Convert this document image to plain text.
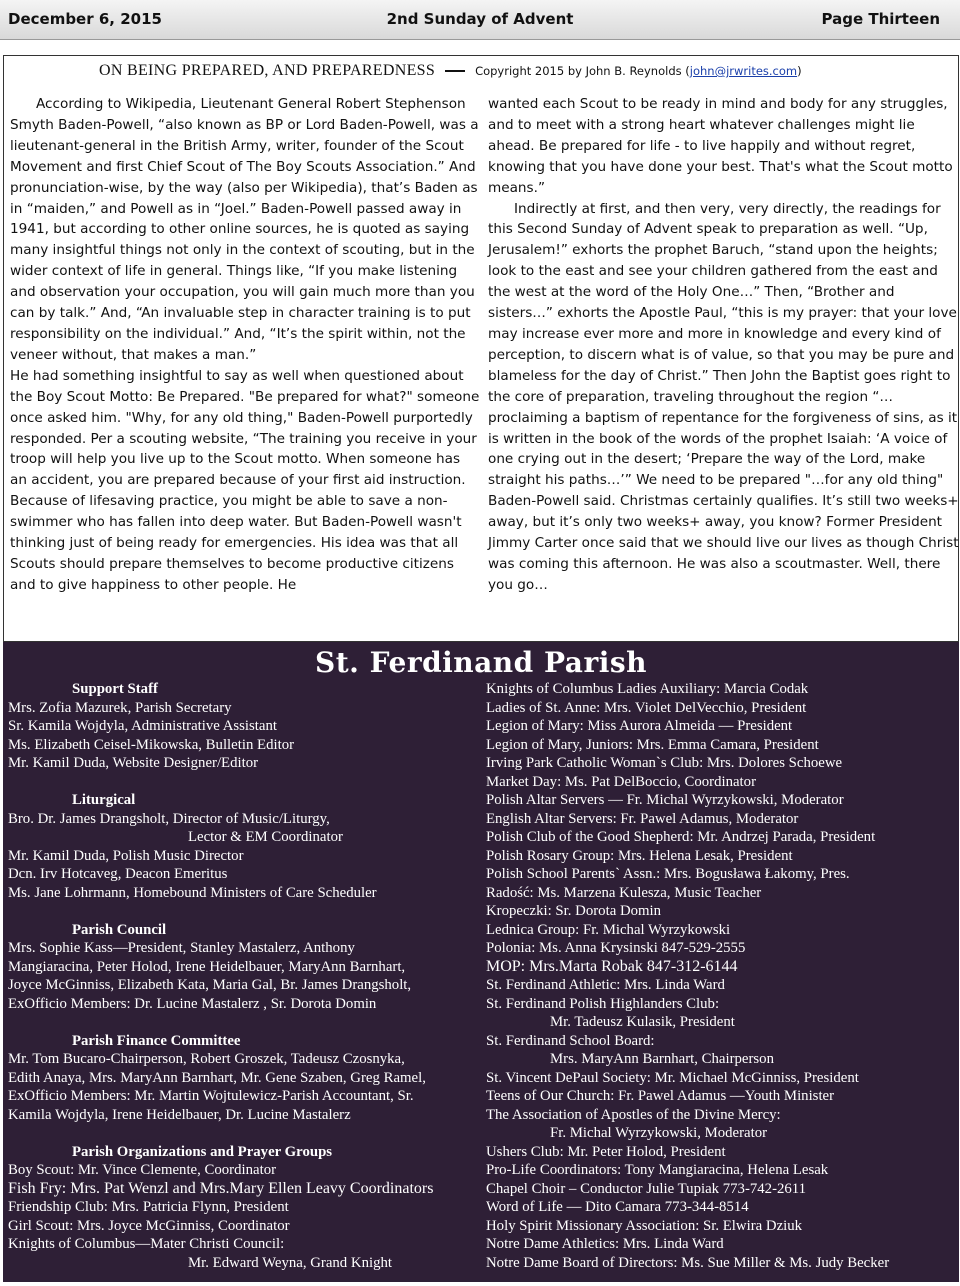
2nd Sunday of Advent
December 6, 2015	Page Thirteen
ON BEING PREPARED, AND PREPAREDNESS	Copyright 2015 by John B. Reynolds (john@jrwrites.com)

According to Wikipedia, Lieutenant General Robert Stephenson Smyth Baden-Powell, “also known as BP or Lord Baden-Powell, was a lieutenant-general in the British Army, writer, founder of the Scout Movement and first Chief Scout of The Boy Scouts Association.” And pronunciation-wise, by the way (also per Wikipedia), that’s Baden as in “maiden,” and Powell as in “Joel.” Baden-Powell passed away in 1941, but according to other online sources, he is quoted as saying many insightful things not only in the context of scouting, but in the wider context of life in general. Things like, “If you make listening and observation your occupation, you will gain much more than you can by talk.” And, “An invaluable step in character training is to put responsibility on the individual.” And, “It’s the spirit within, not the veneer without, that makes a man.”

He had something insightful to say as well when questioned about the Boy Scout Motto: Be Prepared. "Be prepared for what?" someone once asked him. "Why, for any old thing," Baden-Powell purportedly responded. Per a scouting website, “The training you receive in your troop will help you live up to the Scout motto. When someone has an accident, you are prepared because of your first aid instruction. Because of lifesaving practice, you might be able to save a non-swimmer who has fallen into deep water. But Baden-Powell wasn't thinking just of being ready for emergencies. His idea was that all Scouts should prepare themselves to become productive citizens and to give happiness to other people. He

wanted each Scout to be ready in mind and body for any struggles, and to meet with a strong heart whatever challenges might lie ahead. Be prepared for life - to live happily and without regret, knowing that you have done your best. That's what the Scout motto means.”

Indirectly at first, and then very, very directly, the readings for this Second Sunday of Advent speak to preparation as well. “Up, Jerusalem!” exhorts the prophet Baruch, “stand upon the heights; look to the east and see your children gathered from the east and the west at the word of the Holy One…” Then, “Brother and sisters…” exhorts the Apostle Paul, “this is my prayer: that your love may increase ever more and more in knowledge and every kind of perception, to discern what is of value, so that you may be pure and blameless for the day of Christ.” Then John the Baptist goes right to the core of preparation, traveling throughout the region “…proclaiming a baptism of repentance for the forgiveness of sins, as it is written in the book of the words of the prophet Isaiah: ‘A voice of one crying out in the desert; ‘Prepare the way of the Lord, make straight his paths…’” We need to be prepared "…for any old thing" Baden-Powell said. Christmas certainly qualifies. It’s still two weeks+ away, but it’s only two weeks+ away, you know? Former President Jimmy Carter once said that we should live our lives as though Christ was coming this afternoon. He was also a scoutmaster. Well, there you go…

St. Ferdinand Parish
Support Staff
Mrs. Zofia Mazurek, Parish Secretary
Sr. Kamila Wojdyla, Administrative Assistant
Ms. Elizabeth Ceisel-Mikowska, Bulletin Editor
Mr. Kamil Duda, Website Designer/Editor
Liturgical
Bro. Dr. James Drangsholt, Director of Music/Liturgy,
Lector & EM Coordinator
Mr. Kamil Duda, Polish Music Director
Dcn. Irv Hotcaveg, Deacon Emeritus
Ms. Jane Lohrmann, Homebound Ministers of Care Scheduler
Parish Council
Mrs. Sophie Kass—President, Stanley Mastalerz, Anthony
Mangiaracina, Peter Holod, Irene Heidelbauer, MaryAnn Barnhart,
Joyce McGinniss, Elizabeth Kata, Maria Gal, Br. James Drangsholt,
ExOfficio Members: Dr. Lucine Mastalerz , Sr. Dorota Domin
Parish Finance Committee
Mr. Tom Bucaro-Chairperson, Robert Groszek, Tadeusz Czosnyka,
Edith Anaya, Mrs. MaryAnn Barnhart, Mr. Gene Szaben, Greg Ramel,
ExOfficio Members: Mr. Martin Wojtulewicz-Parish Accountant, Sr.
Kamila Wojdyla, Irene Heidelbauer, Dr. Lucine Mastalerz
Parish Organizations and Prayer Groups
Boy Scout: Mr. Vince Clemente, Coordinator
Fish Fry: Mrs. Pat Wenzl and Mrs.Mary Ellen Leavy Coordinators
Friendship Club: Mrs. Patricia Flynn, President
Girl Scout: Mrs. Joyce McGinniss, Coordinator
Knights of Columbus—Mater Christi Council:
Mr. Edward Weyna, Grand Knight
Knights of Columbus Ladies Auxiliary: Marcia Codak
Ladies of St. Anne: Mrs. Violet DelVecchio, President
Legion of Mary: Miss Aurora Almeida — President
Legion of Mary, Juniors: Mrs. Emma Camara, President
Irving Park Catholic Woman`s Club: Mrs. Dolores Schoewe
Market Day: Ms. Pat DelBoccio, Coordinator
Polish Altar Servers — Fr. Michal Wyrzykowski, Moderator
English Altar Servers: Fr. Pawel Adamus, Moderator
Polish Club of the Good Shepherd: Mr. Andrzej Parada, President
Polish Rosary Group: Mrs. Helena Lesak, President
Polish School Parents` Assn.: Mrs. Bogusława Łakomy, Pres.
Radość: Ms. Marzena Kulesza, Music Teacher
Kropeczki: Sr. Dorota Domin
Lednica Group: Fr. Michal Wyrzykowski
Polonia: Ms. Anna Krysinski 847-529-2555
MOP: Mrs.Marta Robak 847-312-6144
St. Ferdinand Athletic: Mrs. Linda Ward
St. Ferdinand Polish Highlanders Club:
Mr. Tadeusz Kulasik, President
St. Ferdinand School Board:
Mrs. MaryAnn Barnhart, Chairperson
St. Vincent DePaul Society: Mr. Michael McGinniss, President
Teens of Our Church: Fr. Pawel Adamus —Youth Minister
The Association of Apostles of the Divine Mercy:
Fr. Michal Wyrzykowski, Moderator
Ushers Club: Mr. Peter Holod, President
Pro-Life Coordinators: Tony Mangiaracina, Helena Lesak
Chapel Choir – Conductor Julie Tupiak 773-742-2611
Word of Life — Dito Camara 773-344-8514
Holy Spirit Missionary Association: Sr. Elwira Dziuk
Notre Dame Athletics: Mrs. Linda Ward
Notre Dame Board of Directors: Ms. Sue Miller & Ms. Judy Becker
